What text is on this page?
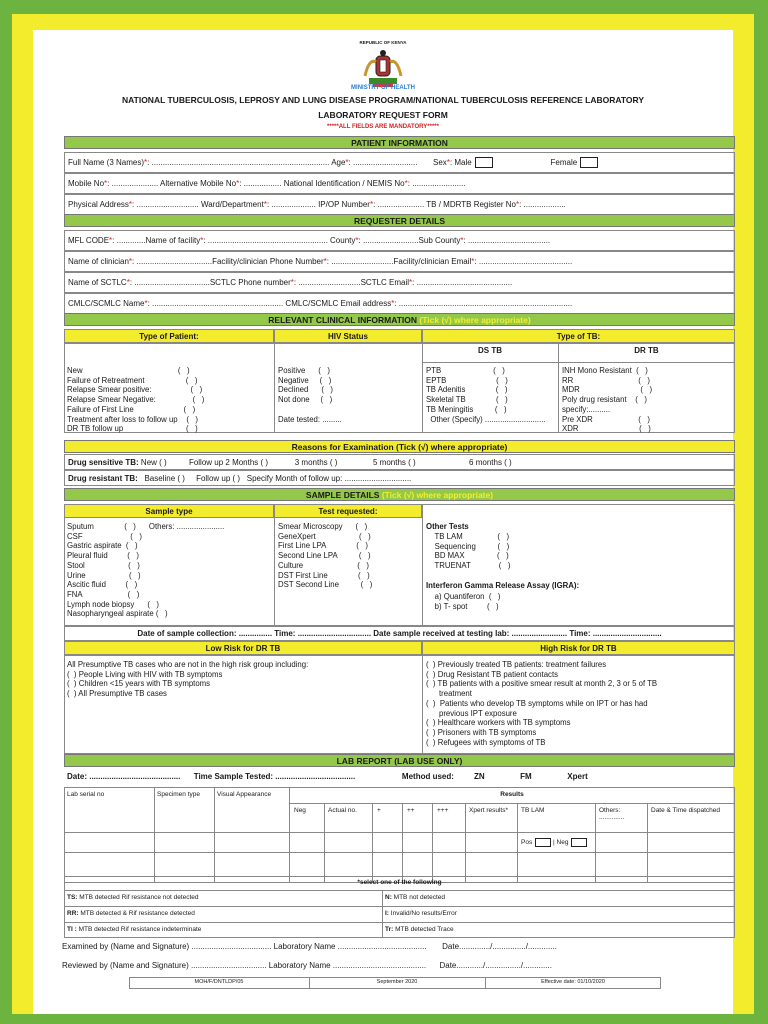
REPUBLIC OF KENYA
MINISTRY OF HEALTH
NATIONAL TUBERCULOSIS, LEPROSY AND LUNG DISEASE PROGRAM/NATIONAL TUBERCULOSIS REFERENCE LABORATORY
LABORATORY REQUEST FORM
*****ALL FIELDS ARE MANDATORY*****
PATIENT INFORMATION
Full Name (3 Names)*: ................................................................................ Age*: ............................. Sex*: Male	Female
Mobile No*: ..................... Alternative Mobile No*: ................. National Identification / NEMIS No*: ........................
Physical Address*: ............................ Ward/Department*: .................... IP/OP Number*: ..................... TB / MDRTB Register No*: ...................
REQUESTER DETAILS
MFL CODE*: .............Name of facility*: ...................................................... County*: .........................Sub County*: .....................................
Name of clinician*: ..................................Facility/clinician Phone Number*: ............................Facility/clinician Email*: ..........................................
Name of SCTLC*: ..................................SCTLC Phone number*: ............................SCTLC Email*: ...........................................
CMLC/SCMLC Name*: ........................................................... CMLC/SCMLC Email address*: ..............................................................................
RELEVANT CLINICAL INFORMATION (Tick (√) where appropriate)
Type of Patient:	HIV Status	Type of TB:
DS TB	DR TB
New                                            (   )
Failure of Retreatment                   (   )
Relapse Smear positive:                  (   )
Relapse Smear Negative:                 (   )
Failure of First Line                       (   )
Treatment after loss to follow up    (   )
DR TB follow up                             (   )
Positive      (   )
Negative     (   )
Declined      (   )
Not done     (   )

Date tested: .........
PTB                        (   )
EPTB                       (   )
TB Adenitis              (   )
Skeletal TB              (   )
TB Meningitis          (   )
Other (Specify) ............................
INH Mono Resistant  (   )
RR                              (   )
MDR                            (   )
Poly drug resistant    (   )
specify:..........
Pre XDR                     (   )
XDR                            (   )
Reasons for Examination (Tick (√) where appropriate)
Drug sensitive TB: New ( )	Follow up 2 Months ( )	3 months ( )	5 months ( )	6 months ( )
Drug resistant TB: Baseline ( ) Follow up ( ) Specify Month of follow up: ..............................
SAMPLE DETAILS (Tick (√) where appropriate)
Sample type	Test requested:
Sputum              (   )      Others: ......................
CSF                      (   )
Gastric aspirate  (   )
Pleural fluid         (   )
Stool                    (   )
Urine                    (   )
Ascitic fluid         (   )
FNA                     (   )
Lymph node biopsy      (   )
Nasopharyngeal aspirate (   )
Smear Microscopy      (   )
GeneXpert                    (   )
First Line LPA              (   )
Second Line LPA          (   )
Culture                         (   )
DST First Line              (   )
DST Second Line          (   )
Other Tests
TB LAM                (   )
Sequencing          (   )
BD MAX               (   )
TRUENAT             (   )
Interferon Gamma Release Assay (IGRA):
a) Quantiferon  (   )
b) T- spot         (   )
Date of sample collection: ............... Time: ................................. Date sample received at testing lab: ......................... Time: ...............................
Low Risk for DR TB	High Risk for DR TB
All Presumptive TB cases who are not in the high risk group including:
(  ) People Living with HIV with TB symptoms
(  ) Children <15 years with TB symptoms
(  ) All Presumptive TB cases
(  ) Previously treated TB patients: treatment failures
(  ) Drug Resistant TB patient contacts
(  ) TB patients with a positive smear result at month 2, 3 or 5 of TB
treatment
(  )  Patients who develop TB symptoms while on IPT or has had
previous IPT exposure
(  ) Healthcare workers with TB symptoms
(  ) Prisoners with TB symptoms
(  ) Refugees with symptoms of TB
LAB REPORT (LAB USE ONLY)
Date: ......................................... Time Sample Tested: ....................................	Method used:	ZN	FM	Xpert
Lab serial no	Specimen type	Visual Appearance	Results
Neg	Actual no.	+	++	+++	Xpert results*	TB LAM	Others: ..............
Date & Time dispatched
Pos	| Neg
*select one of the following
TS: MTB detected Rif resistance not detected	N: MTB not detected
RR: MTB detected & Rif resistance detected	I: Invalid/No results/Error
TI : MTB detected Rif resistance indeterminate	Tr: MTB detected Trace
Examined by (Name and Signature) .................................... Laboratory Name ........................................       Date............../.............../.............
Reviewed by (Name and Signature) .................................. Laboratory Name ..........................................      Date............/................/.............
MOH/F/DNTLDP/05	September 2020	Effective date: 01/10/2020
